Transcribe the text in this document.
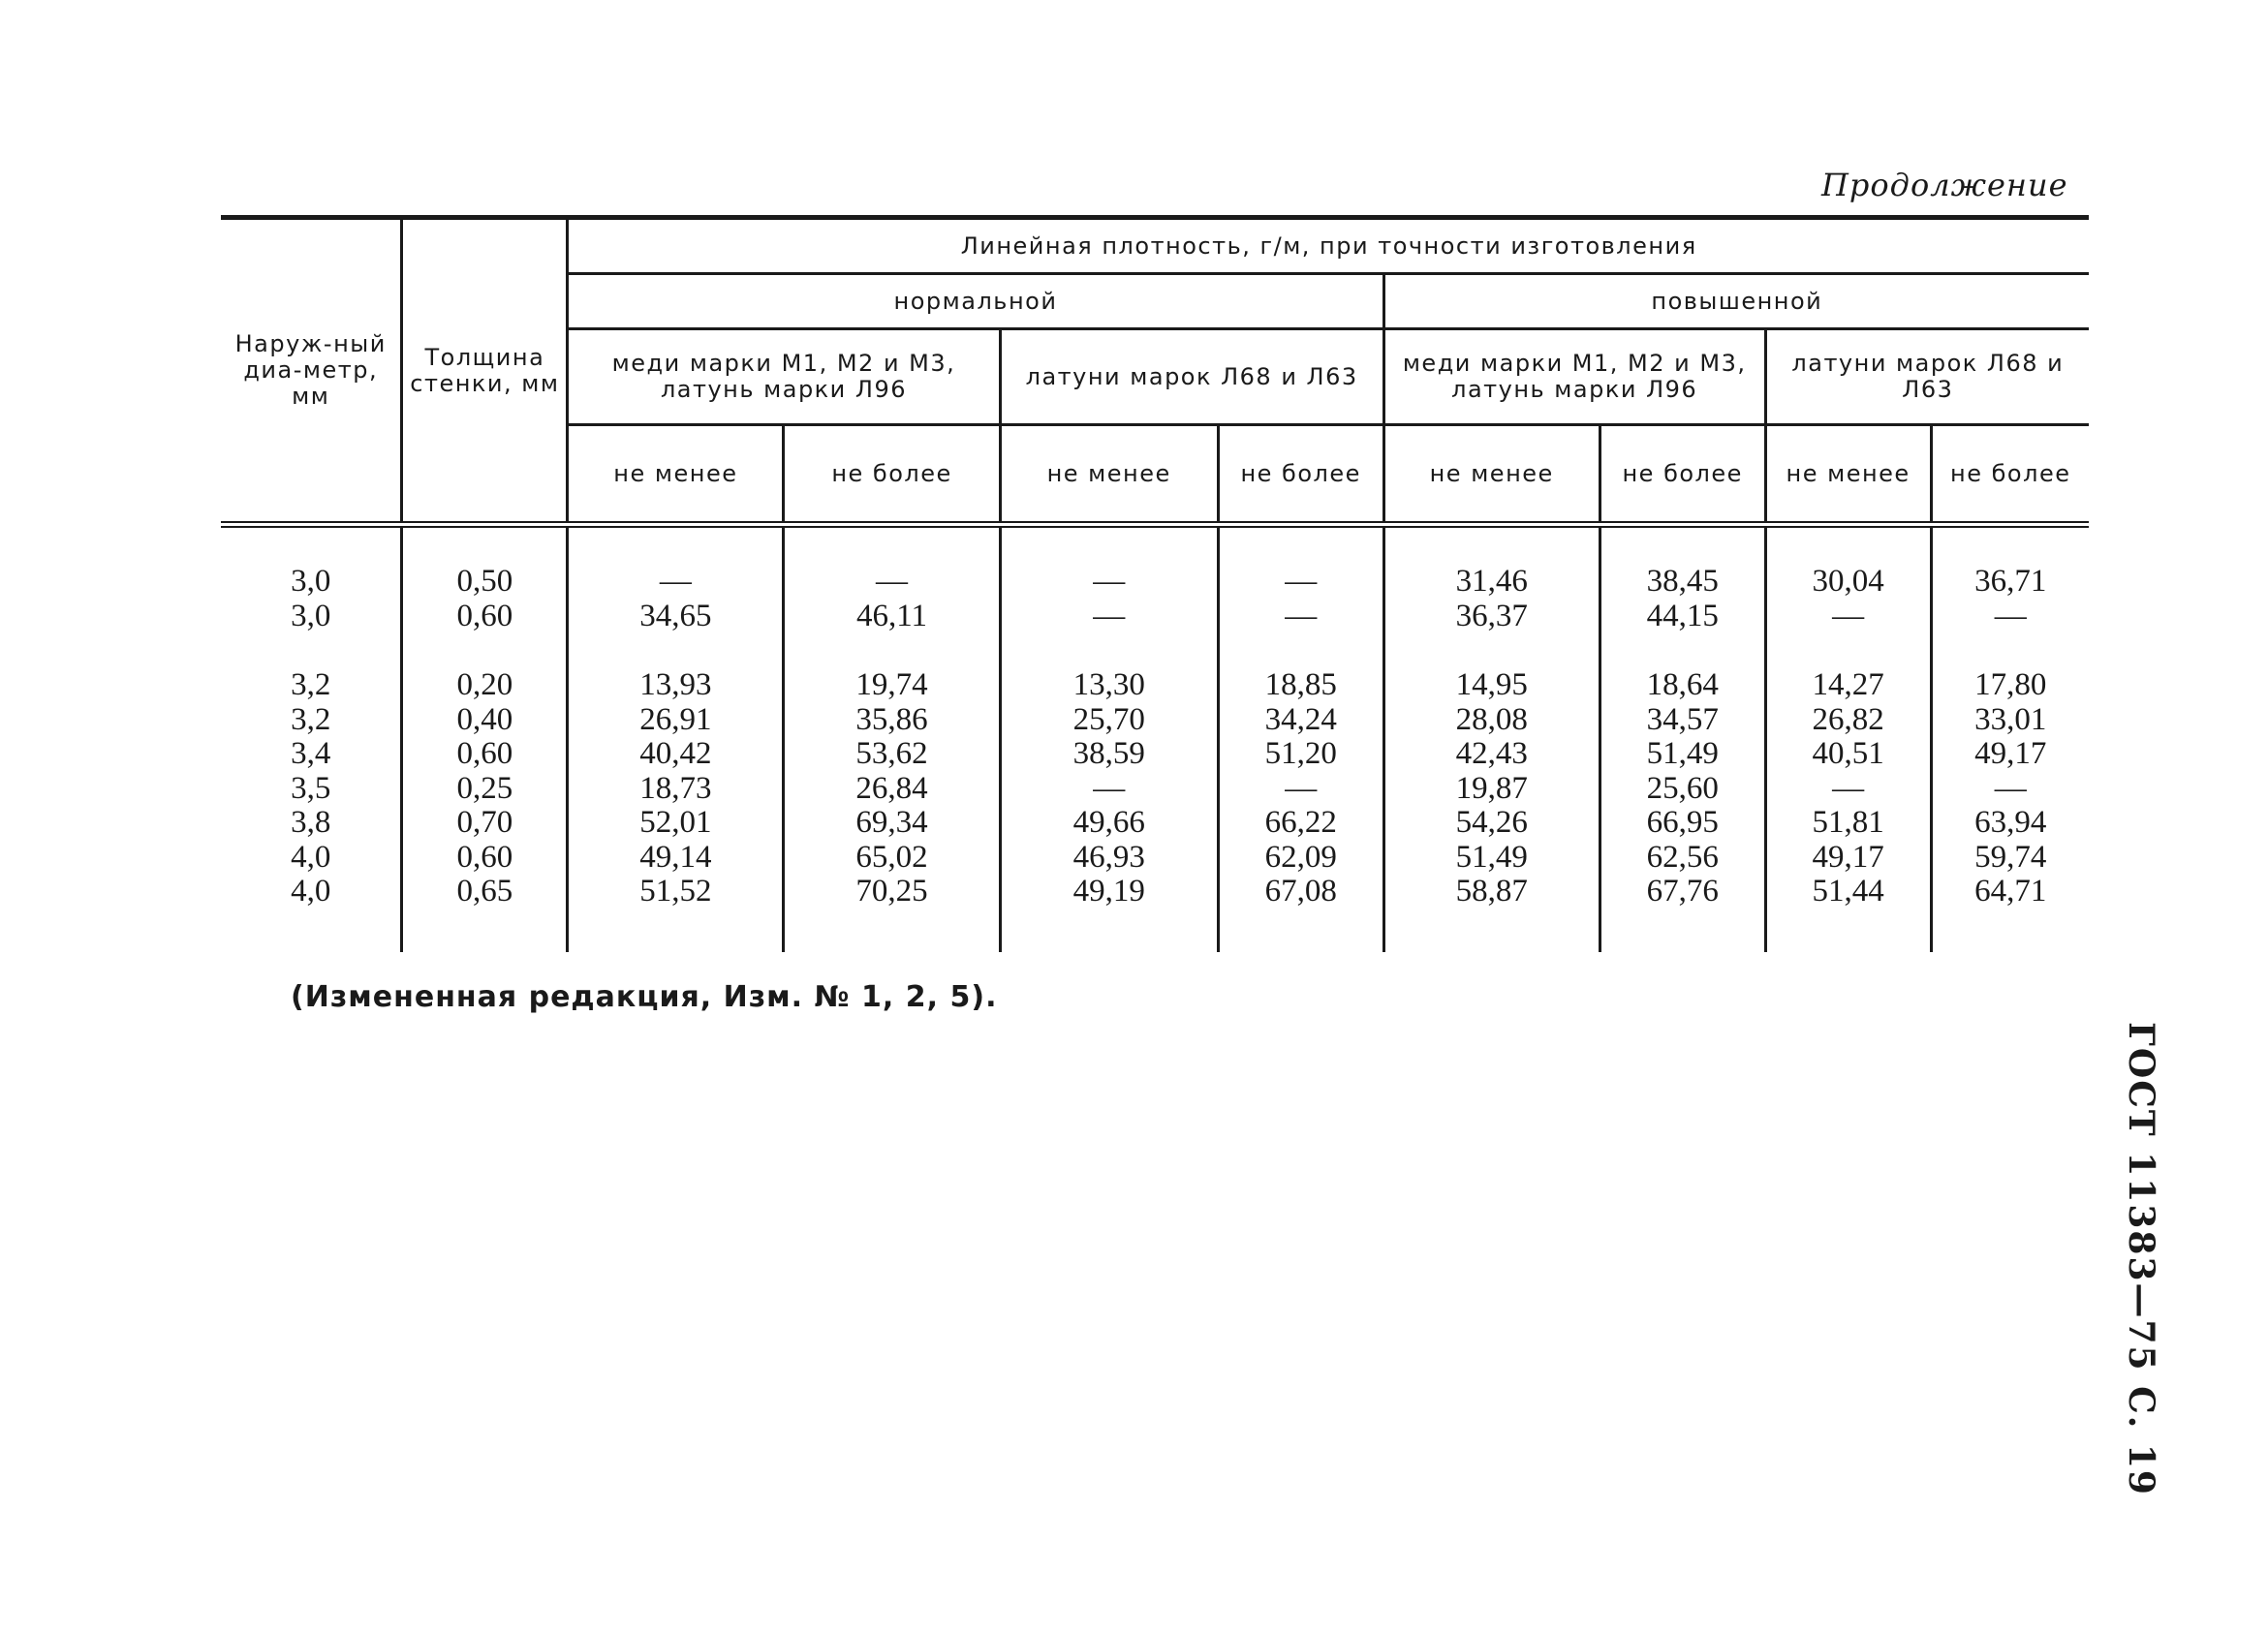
Продолжение
Наруж-ный диа-метр, мм	Толщина стенки, мм	Линейная плотность, г/м, при точности изготовления							
		нормальной				повышенной			
		меди марки М1, М2 и М3, латунь марки Л96		латуни марок Л68 и Л63		меди марки М1, М2 и М3, латунь марки Л96		латуни марок Л68 и Л63	
		не менее	не более	не менее	не более	не менее	не более	не менее	не более

3,0	0,50	—	—	—	—	31,46	38,45	30,04	36,71
3,0	0,60	34,65	46,11	—	—	36,37	44,15	—	—

3,2	0,20	13,93	19,74	13,30	18,85	14,95	18,64	14,27	17,80
3,2	0,40	26,91	35,86	25,70	34,24	28,08	34,57	26,82	33,01
3,4	0,60	40,42	53,62	38,59	51,20	42,43	51,49	40,51	49,17
3,5	0,25	18,73	26,84	—	—	19,87	25,60	—	—
3,8	0,70	52,01	69,34	49,66	66,22	54,26	66,95	51,81	63,94
4,0	0,60	49,14	65,02	46,93	62,09	51,49	62,56	49,17	59,74
4,0	0,65	51,52	70,25	49,19	67,08	58,87	67,76	51,44	64,71

(Измененная редакция, Изм. № 1, 2, 5).
ГОСТ 11383—75 С. 19
